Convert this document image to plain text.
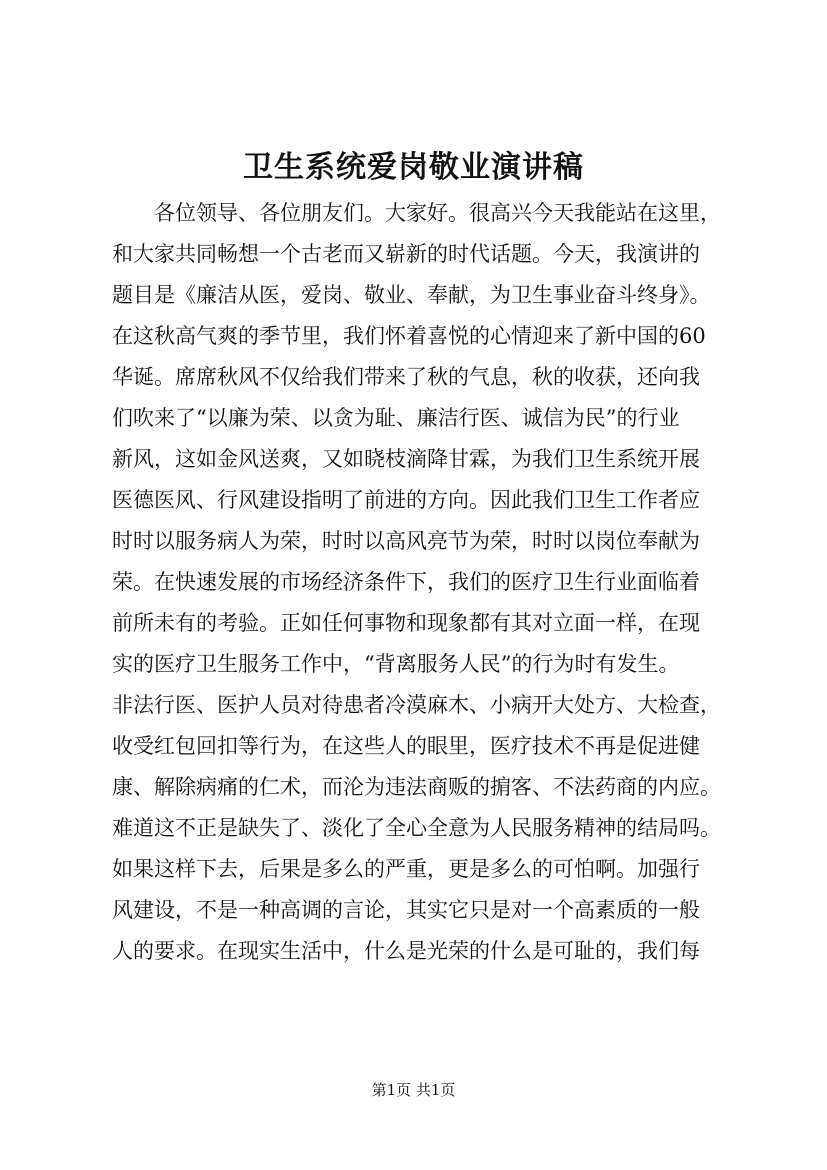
卫生系统爱岗敬业演讲稿
各位领导、各位朋友们。大家好。很高兴今天我能站在这里，
和大家共同畅想一个古老而又崭新的时代话题。今天，我演讲的
题目是《廉洁从医，爱岗、敬业、奉献，为卫生事业奋斗终身》。
在这秋高气爽的季节里，我们怀着喜悦的心情迎来了新中国的60
华诞。席席秋风不仅给我们带来了秋的气息，秋的收获，还向我
们吹来了“以廉为荣、以贪为耻、廉洁行医、诚信为民”的行业
新风，这如金风送爽，又如晓枝滴降甘霖，为我们卫生系统开展
医德医风、行风建设指明了前进的方向。因此我们卫生工作者应
时时以服务病人为荣，时时以高风亮节为荣，时时以岗位奉献为
荣。在快速发展的市场经济条件下，我们的医疗卫生行业面临着
前所未有的考验。正如任何事物和现象都有其对立面一样，在现
实的医疗卫生服务工作中，“背离服务人民”的行为时有发生。
非法行医、医护人员对待患者冷漠麻木、小病开大处方、大检查，
收受红包回扣等行为，在这些人的眼里，医疗技术不再是促进健
康、解除病痛的仁术，而沦为违法商贩的掮客、不法药商的内应。
难道这不正是缺失了、淡化了全心全意为人民服务精神的结局吗。
如果这样下去，后果是多么的严重，更是多么的可怕啊。加强行
风建设，不是一种高调的言论，其实它只是对一个高素质的一般
人的要求。在现实生活中，什么是光荣的什么是可耻的，我们每
第1页 共1页
